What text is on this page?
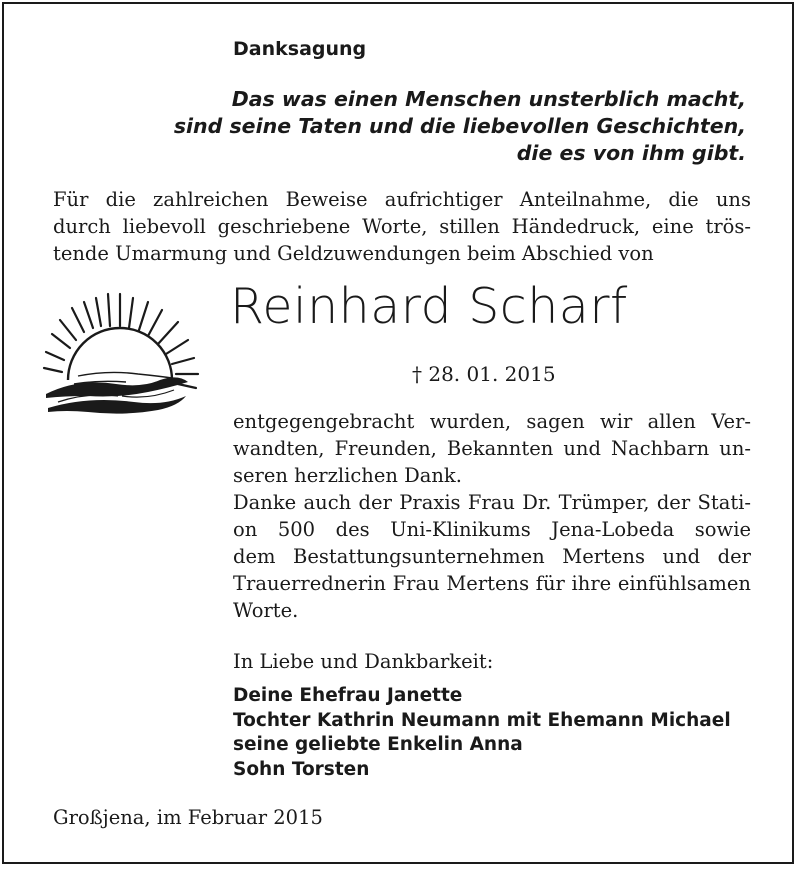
Danksagung
Das was einen Menschen unsterblich macht,
sind seine Taten und die liebevollen Geschichten,
die es von ihm gibt.
Für die zahlreichen Beweise aufrichtiger Anteilnahme, die uns
durch liebevoll geschriebene Worte, stillen Händedruck, eine trös-
tende Umarmung und Geldzuwendungen beim Abschied von
Reinhard Scharf
† 28. 01. 2015
entgegengebracht wurden, sagen wir allen Ver-
wandten, Freunden, Bekannten und Nachbarn un-
seren herzlichen Dank.
Danke auch der Praxis Frau Dr. Trümper, der Stati-
on 500 des Uni-Klinikums Jena-Lobeda sowie
dem Bestattungsunternehmen Mertens und der
Trauerrednerin Frau Mertens für ihre einfühlsamen
Worte.
In Liebe und Dankbarkeit:
Deine Ehefrau Janette
Tochter Kathrin Neumann mit Ehemann Michael
seine geliebte Enkelin Anna
Sohn Torsten
Großjena, im Februar 2015
